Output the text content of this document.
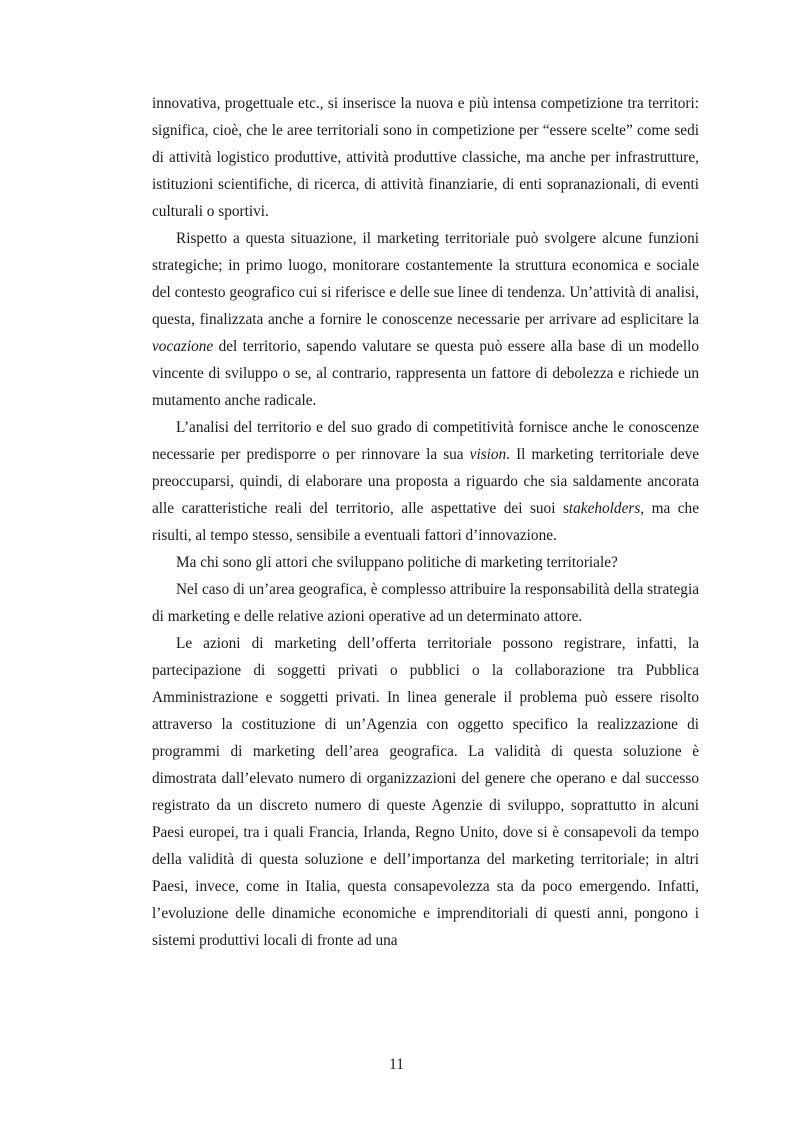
innovativa, progettuale etc., si inserisce la nuova e più intensa competizione tra territori: significa, cioè, che le aree territoriali sono in competizione per “essere scelte” come sedi di attività logistico produttive, attività produttive classiche, ma anche per infrastrutture, istituzioni scientifiche, di ricerca, di attività finanziarie, di enti sopranazionali, di eventi culturali o sportivi.

Rispetto a questa situazione, il marketing territoriale può svolgere alcune funzioni strategiche; in primo luogo, monitorare costantemente la struttura economica e sociale del contesto geografico cui si riferisce e delle sue linee di tendenza. Un’attività di analisi, questa, finalizzata anche a fornire le conoscenze necessarie per arrivare ad esplicitare la vocazione del territorio, sapendo valutare se questa può essere alla base di un modello vincente di sviluppo o se, al contrario, rappresenta un fattore di debolezza e richiede un mutamento anche radicale.

L’analisi del territorio e del suo grado di competitività fornisce anche le conoscenze necessarie per predisporre o per rinnovare la sua vision. Il marketing territoriale deve preoccuparsi, quindi, di elaborare una proposta a riguardo che sia saldamente ancorata alle caratteristiche reali del territorio, alle aspettative dei suoi stakeholders, ma che risulti, al tempo stesso, sensibile a eventuali fattori d’innovazione.

Ma chi sono gli attori che sviluppano politiche di marketing territoriale?

Nel caso di un’area geografica, è complesso attribuire la responsabilità della strategia di marketing e delle relative azioni operative ad un determinato attore.

Le azioni di marketing dell’offerta territoriale possono registrare, infatti, la partecipazione di soggetti privati o pubblici o la collaborazione tra Pubblica Amministrazione e soggetti privati. In linea generale il problema può essere risolto attraverso la costituzione di un’Agenzia con oggetto specifico la realizzazione di programmi di marketing dell’area geografica. La validità di questa soluzione è dimostrata dall’elevato numero di organizzazioni del genere che operano e dal successo registrato da un discreto numero di queste Agenzie di sviluppo, soprattutto in alcuni Paesi europei, tra i quali Francia, Irlanda, Regno Unito, dove si è consapevoli da tempo della validità di questa soluzione e dell’importanza del marketing territoriale; in altri Paesi, invece, come in Italia, questa consapevolezza sta da poco emergendo. Infatti, l’evoluzione delle dinamiche economiche e imprenditoriali di questi anni, pongono i sistemi produttivi locali di fronte ad una

11
